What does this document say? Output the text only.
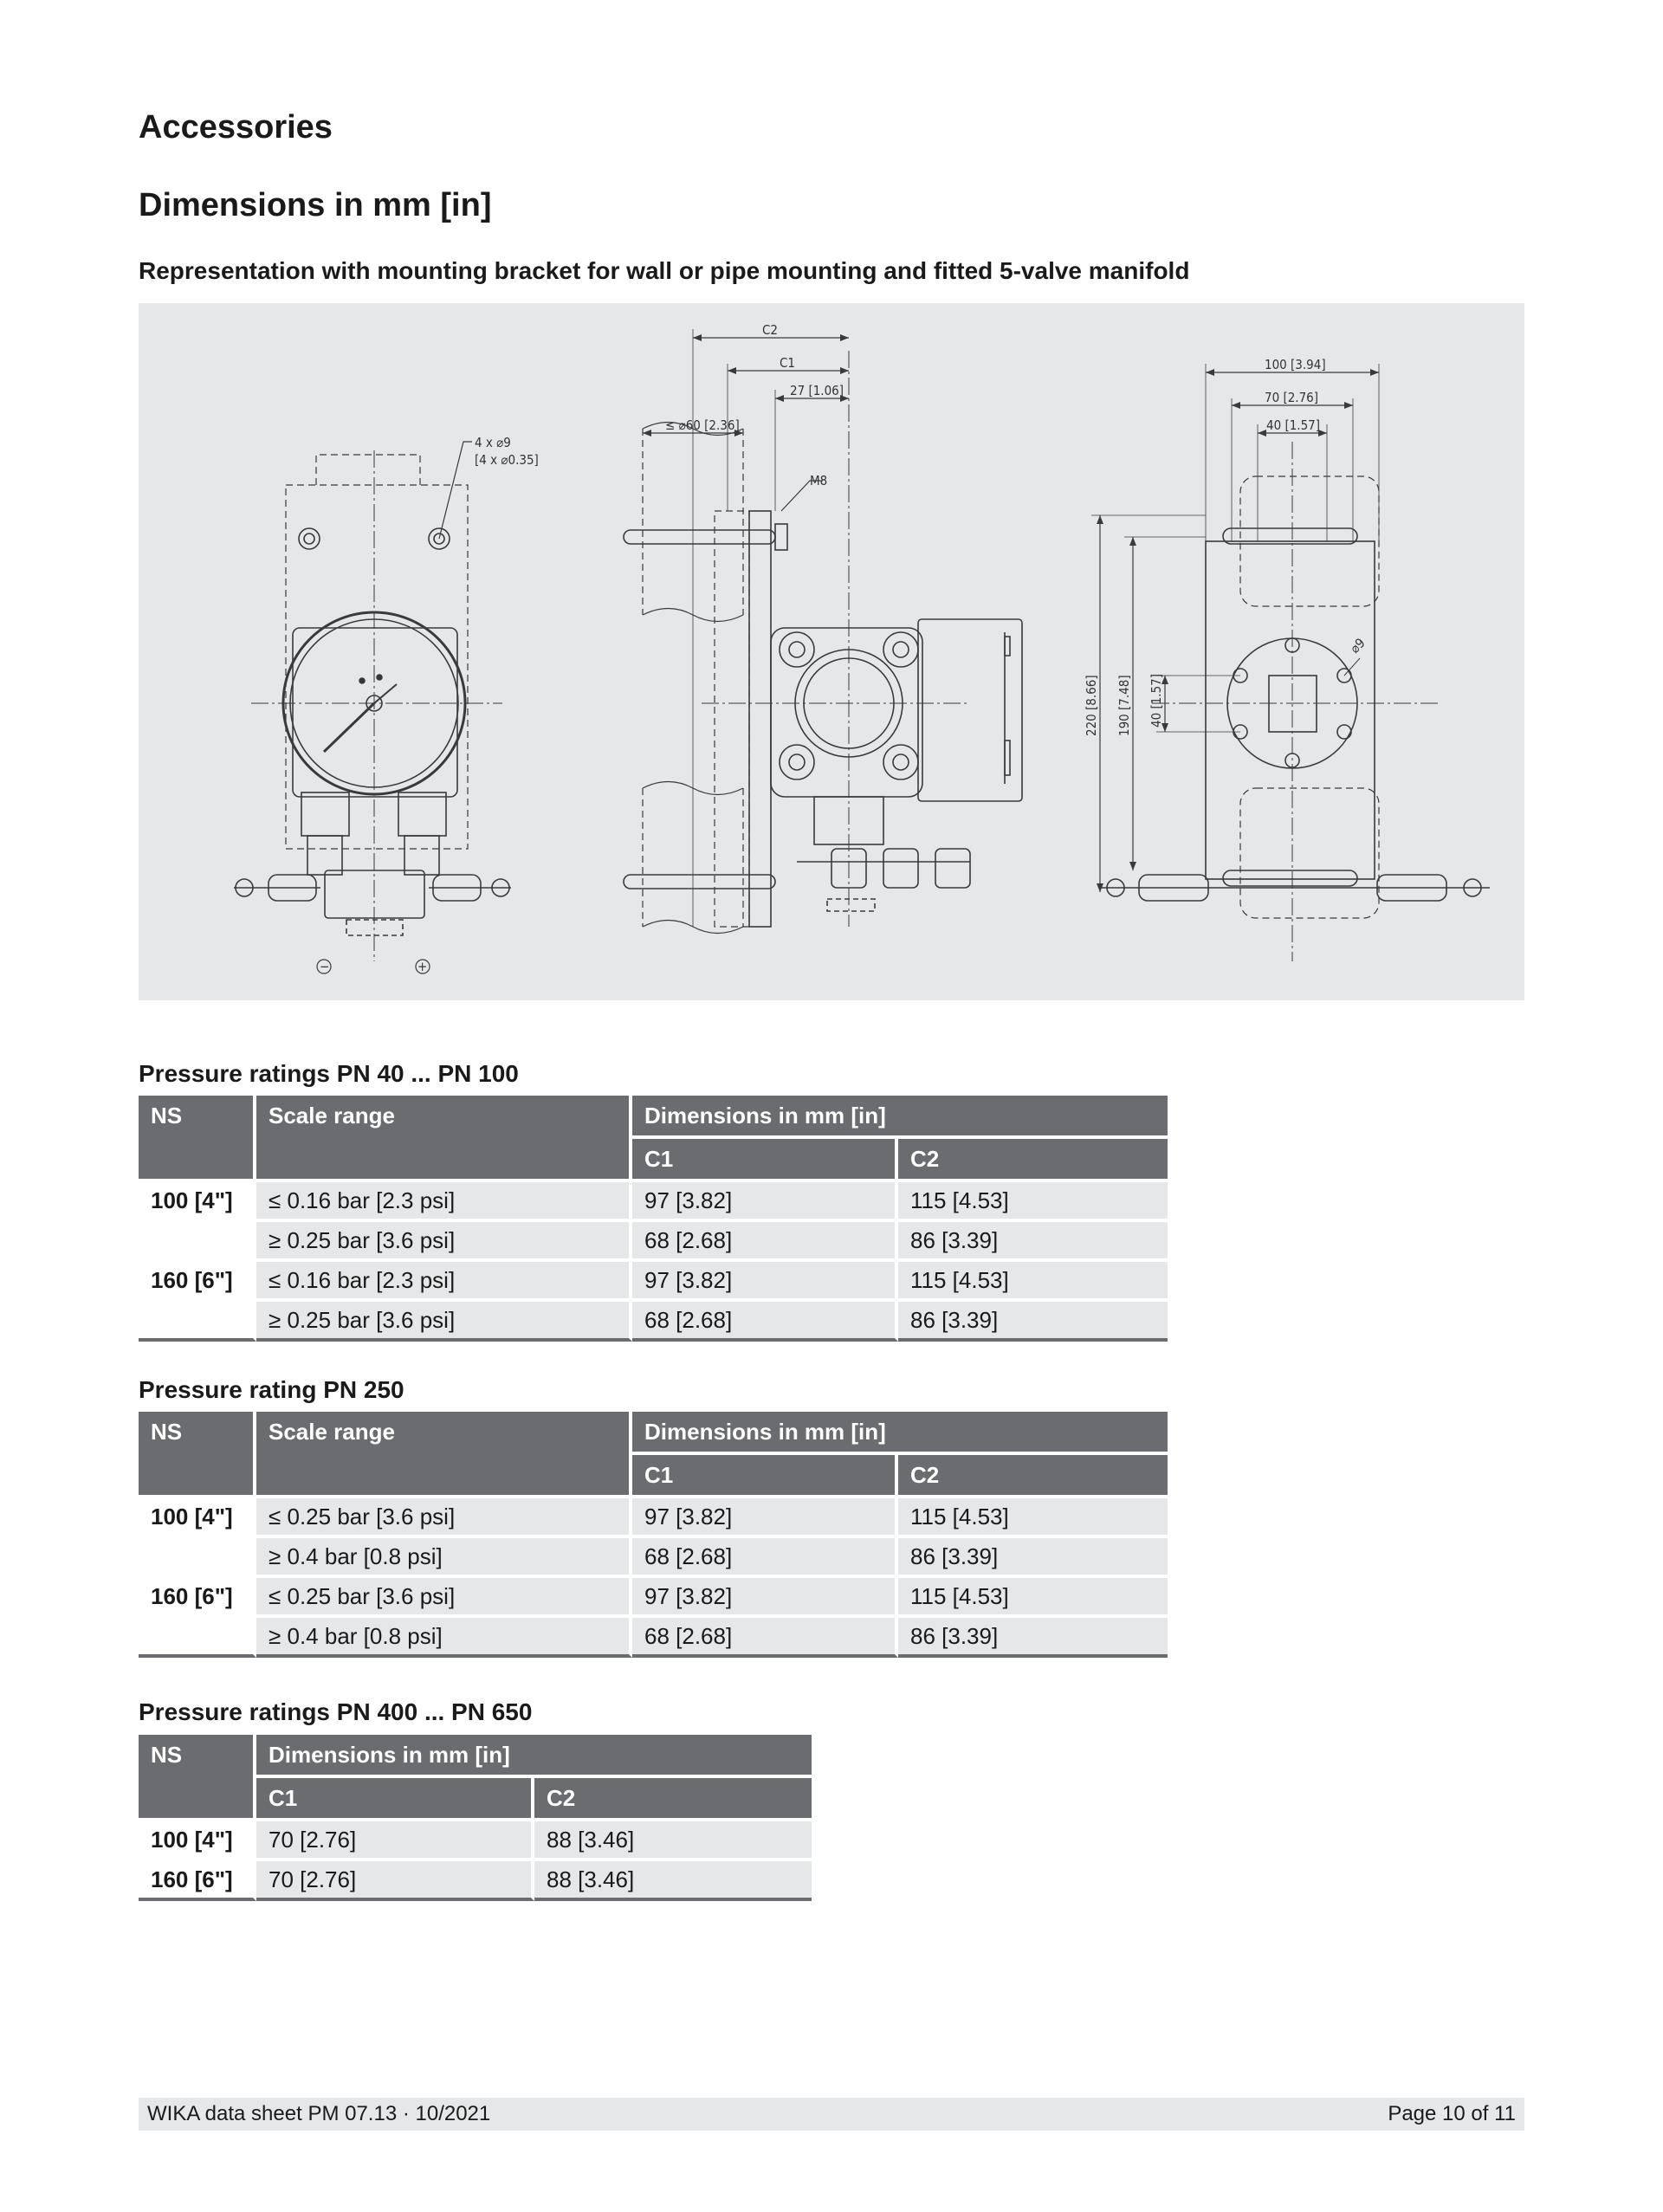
Accessories
Dimensions in mm [in]
Representation with mounting bracket for wall or pipe mounting and fitted 5-valve manifold
C2
C1
27 [1.06]
≤ ⌀60 [2.36]
M8
4 x ⌀9
[4 x ⌀0.35]
100 [3.94]
70 [2.76]
40 [1.57]
220 [8.66] 190 [7.48] 40 [1.57]
⌀9
−	+
Pressure ratings PN 40 ... PN 100
NS	Scale range	Dimensions in mm [in]	
		C1	C2
100 [4"]	≤ 0.16 bar [2.3 psi]	97 [3.82]	115 [4.53]
	≥ 0.25 bar [3.6 psi]	68 [2.68]	86 [3.39]
160 [6"]	≤ 0.16 bar [2.3 psi]	97 [3.82]	115 [4.53]
	≥ 0.25 bar [3.6 psi]	68 [2.68]	86 [3.39]
Pressure rating PN 250
NS	Scale range	Dimensions in mm [in]	
		C1	C2
100 [4"]	≤ 0.25 bar [3.6 psi]	97 [3.82]	115 [4.53]
	≥ 0.4 bar [0.8 psi]	68 [2.68]	86 [3.39]
160 [6"]	≤ 0.25 bar [3.6 psi]	97 [3.82]	115 [4.53]
	≥ 0.4 bar [0.8 psi]	68 [2.68]	86 [3.39]
Pressure ratings PN 400 ... PN 650
NS	Dimensions in mm [in]	
	C1	C2
100 [4"]	70 [2.76]	88 [3.46]
160 [6"]	70 [2.76]	88 [3.46]
WIKA data sheet PM 07.13 · 10/2021	Page 10 of 11
